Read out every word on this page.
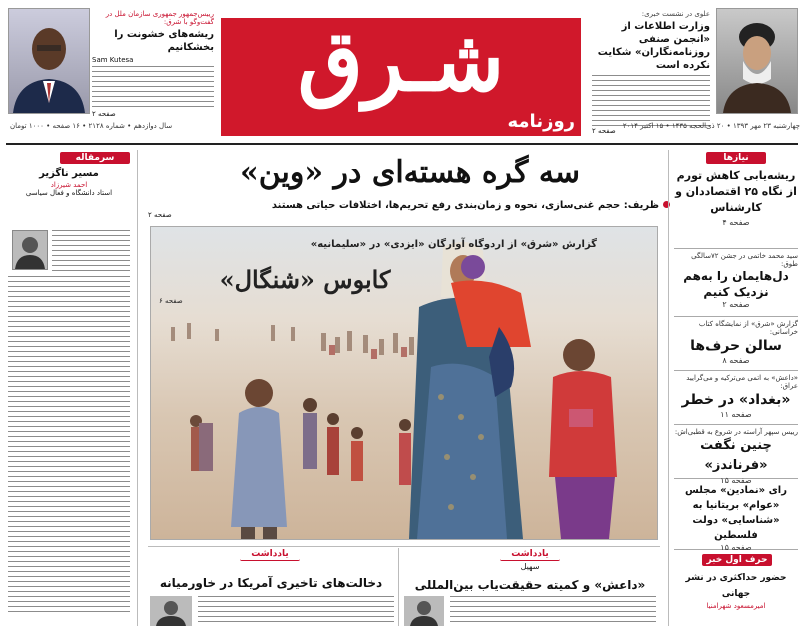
علوی در نشست خبری:
وزارت اطلاعات از «انجمن صنفی روزنامه‌نگاران» شکایت نکرده است
صفحه ۲
شـرق
روزنامه
رییس‌جمهور جمهوری سازمان ملل در گفت‌وگو با شرق:
ریشه‌های خشونت را بخشکانیم
Sam Kutesa
صفحه ۲
چهارشنبه ۲۳ مهر ۱۳۹۳ • ۲۰ ذی‌الحجه ۱۴۳۵ • ۱۵ اکتبر ۲۰۱۴
سال دوازدهم • شماره ۲۱۲۸ • ۱۶ صفحه • ۱۰۰۰ تومان
سرمقاله
مسیر ناگزیر
احمد شیرزاد
استاد دانشگاه و فعال سیاسی
سه گره هسته‌ای در «وین»
ظریف: حجم غنی‌سازی، نحوه و زمان‌بندی رفع تحریم‌ها، اختلافات حیاتی هستند
صفحه ۲
گزارش «شرق» از اردوگاه آوارگان «ایزدی» در «سلیمانیه»
کابوس «شنگال»
صفحه ۶
یادداشت
سهیل
«داعش» و کمیته حقیقت‌یاب بین‌المللی
یادداشت
دخالت‌های تاخیری آمریکا در خاورمیانه
نیازها
ریشه‌یابی کاهش تورم از نگاه ۲۵ اقتصاددان و کارشناس
صفحه ۴
سید محمد خاتمی در جشن ۷۲سالگی طوق:
دل‌هایمان را به‌هم نزدیک کنیم
صفحه ۲
گزارش «شرق» از نمایشگاه کتاب خراسانی:
سالن حرف‌ها
صفحه ۸
«داعش» به اتمی می‌ترکیه و می‌گرایید عراق:
«بغداد» در خطر
صفحه ۱۱
رییس سپهر آراسته در شروع به قطبی‌اش:
چنین نگفت «فرناندز»
صفحه ۱۵
رای «نمادین» مجلس «عوام» بریتانیا به «شناسایی» دولت فلسطین
صفحه ۱۵
حرف اول خبر
حضور حداکثری در نشر جهانی
امیرمسعود شهرامنیا
